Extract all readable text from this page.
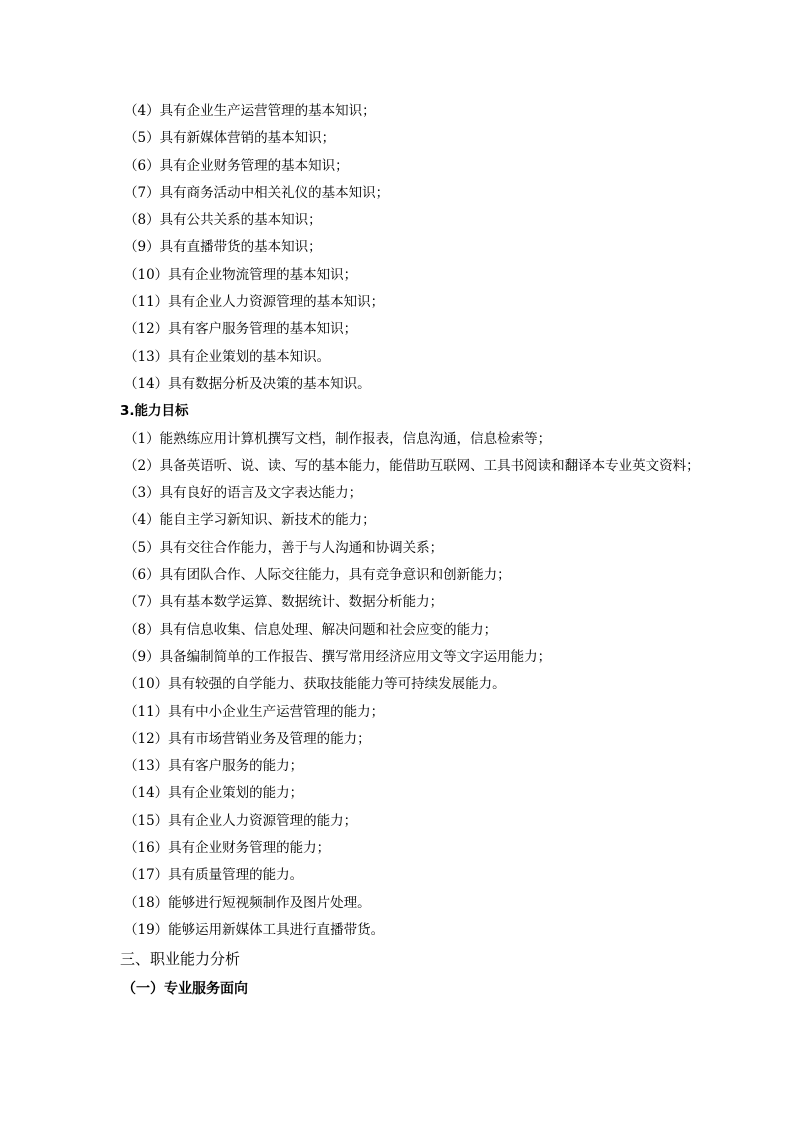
（4）具有企业生产运营管理的基本知识；
（5）具有新媒体营销的基本知识；
（6）具有企业财务管理的基本知识；
（7）具有商务活动中相关礼仪的基本知识；
（8）具有公共关系的基本知识；
（9）具有直播带货的基本知识；
（10）具有企业物流管理的基本知识；
（11）具有企业人力资源管理的基本知识；
（12）具有客户服务管理的基本知识；
（13）具有企业策划的基本知识。
（14）具有数据分析及决策的基本知识。
3.能力目标
（1）能熟练应用计算机撰写文档，制作报表，信息沟通，信息检索等；
（2）具备英语听、说、读、写的基本能力，能借助互联网、工具书阅读和翻译本专业英文资料；
（3）具有良好的语言及文字表达能力；
（4）能自主学习新知识、新技术的能力；
（5）具有交往合作能力，善于与人沟通和协调关系；
（6）具有团队合作、人际交往能力，具有竞争意识和创新能力；
（7）具有基本数学运算、数据统计、数据分析能力；
（8）具有信息收集、信息处理、解决问题和社会应变的能力；
（9）具备编制简单的工作报告、撰写常用经济应用文等文字运用能力；
（10）具有较强的自学能力、获取技能能力等可持续发展能力。
（11）具有中小企业生产运营管理的能力；
（12）具有市场营销业务及管理的能力；
（13）具有客户服务的能力；
（14）具有企业策划的能力；
（15）具有企业人力资源管理的能力；
（16）具有企业财务管理的能力；
（17）具有质量管理的能力。
（18）能够进行短视频制作及图片处理。
（19）能够运用新媒体工具进行直播带货。
三、职业能力分析
（一）专业服务面向
